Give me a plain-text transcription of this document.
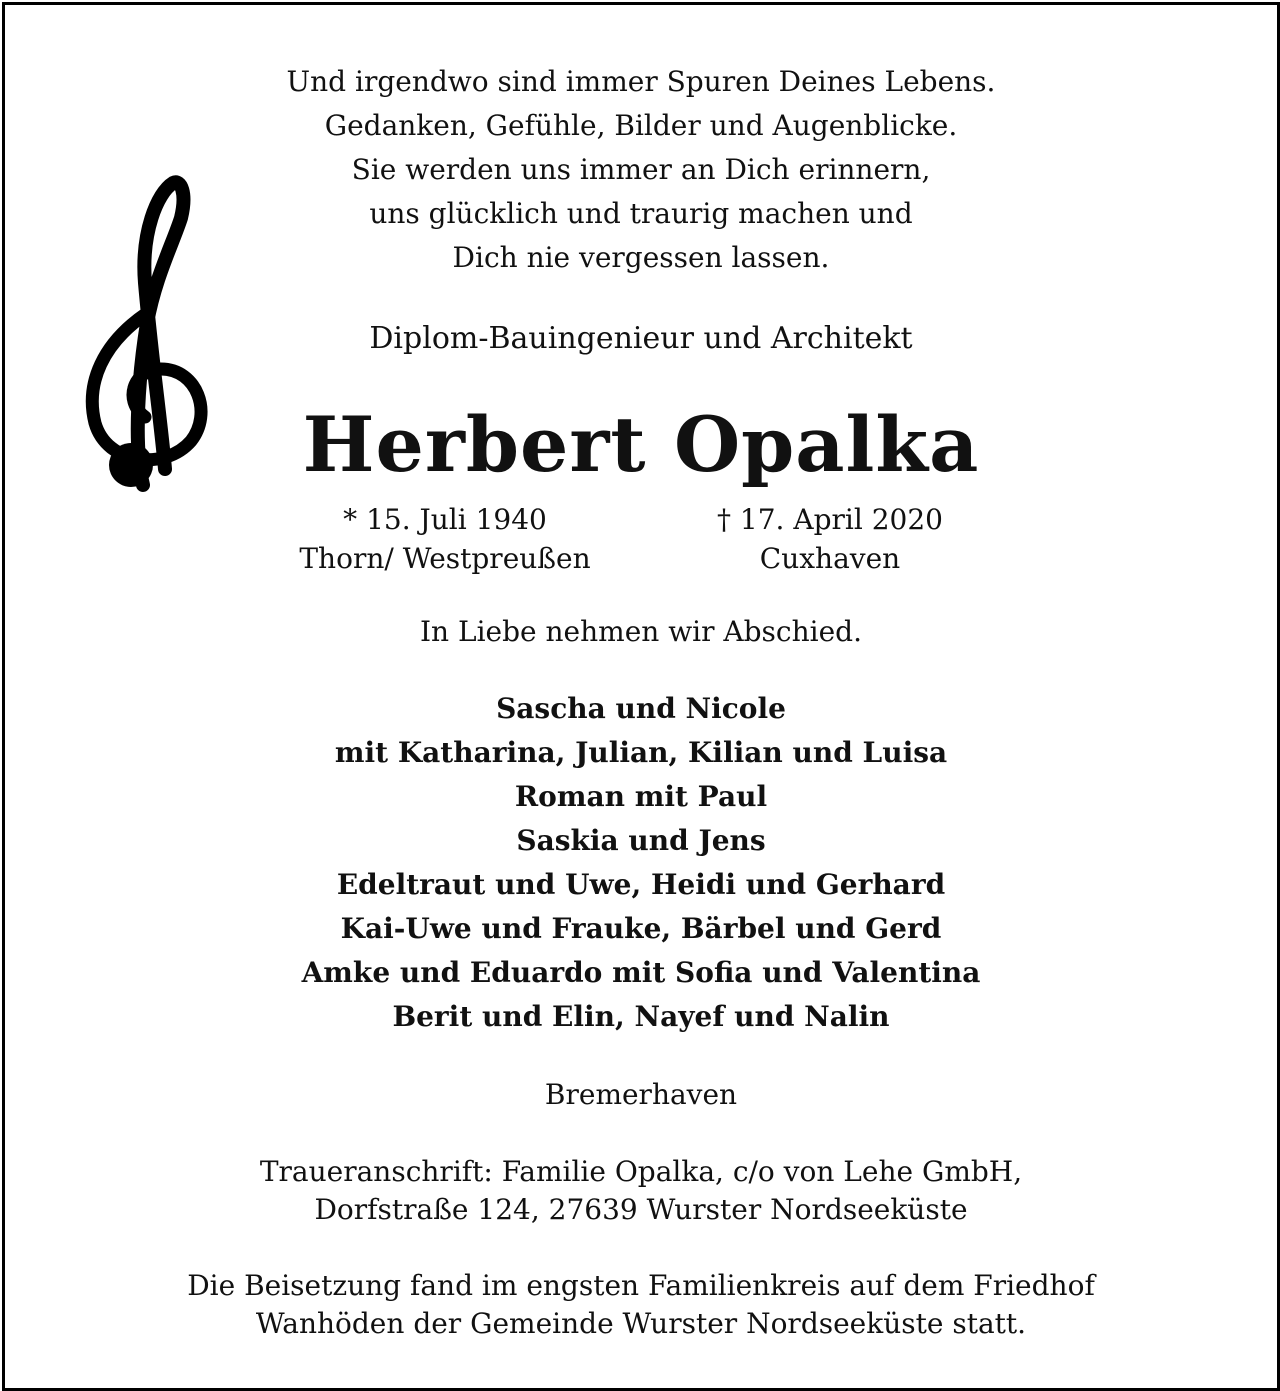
Und irgendwo sind immer Spuren Deines Lebens.
Gedanken, Gefühle, Bilder und Augenblicke.
Sie werden uns immer an Dich erinnern,
uns glücklich und traurig machen und
Dich nie vergessen lassen.
Diplom-Bauingenieur und Architekt
Herbert Opalka
* 15. Juli 1940
Thorn/ Westpreußen
† 17. April 2020
Cuxhaven
In Liebe nehmen wir Abschied.
Sascha und Nicole
mit Katharina, Julian, Kilian und Luisa
Roman mit Paul
Saskia und Jens
Edeltraut und Uwe, Heidi und Gerhard
Kai-Uwe und Frauke, Bärbel und Gerd
Amke und Eduardo mit Sofia und Valentina
Berit und Elin, Nayef und Nalin
Bremerhaven
Traueranschrift: Familie Opalka, c/o von Lehe GmbH,
Dorfstraße 124, 27639 Wurster Nordseeküste
Die Beisetzung fand im engsten Familienkreis auf dem Friedhof
Wanhöden der Gemeinde Wurster Nordseeküste statt.
